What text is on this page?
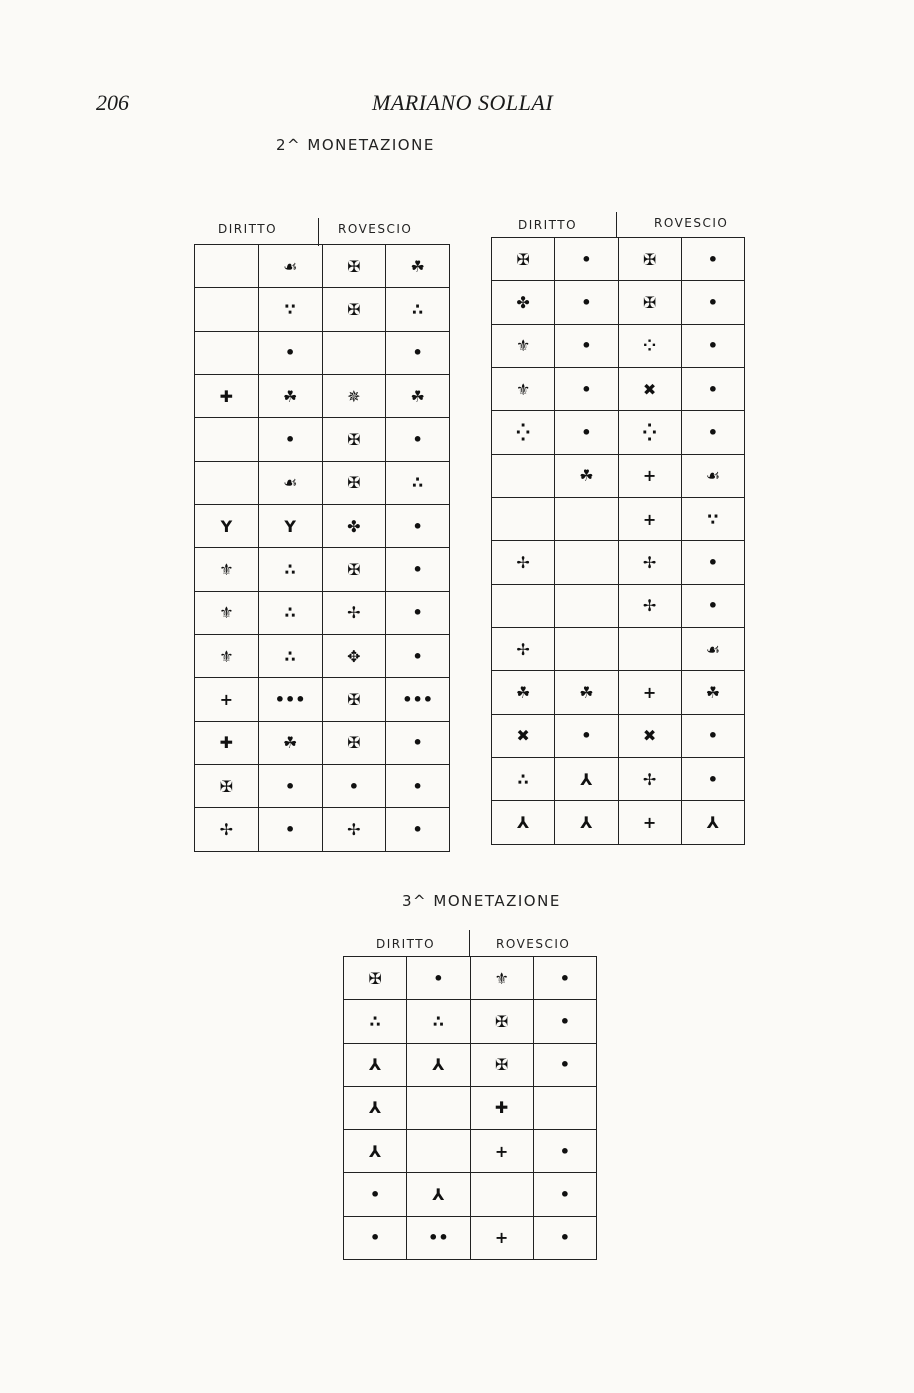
206	MARIANO SOLLAI
2^ MONETAZIONE
DIRITTO	ROVESCIO
	☙	✠	☘
	∵	✠	∴
	•		•
✚	☘	✵	☘
	•	✠	•
	☙	✠	∴
Y	Y	✤	•
⚜	∴	✠	•
⚜	∴	✢	•
⚜	∴	✥	•
+	•••	✠	•••
✚	☘	✠	•
✠	•	•	•
✢	•	✢	•
DIRITTO	ROVESCIO
✠	•	✠	•
✤	•	✠	•
⚜	•	⁘	•
⚜	•	✖	•
⁛	•	⁛	•
	☘	+	☙
		+	∵
✢		✢	•
		✢	•
✢			☙
☘	☘	+	☘
✖	•	✖	•
∴	⅄	✢	•
⅄	⅄	+	⅄
3^ MONETAZIONE
DIRITTO	ROVESCIO
✠	•	⚜	•
∴	∴	✠	•
⅄	⅄	✠	•
⅄		✚	
⅄		+	•
•	⅄		•
•	••	+	•
